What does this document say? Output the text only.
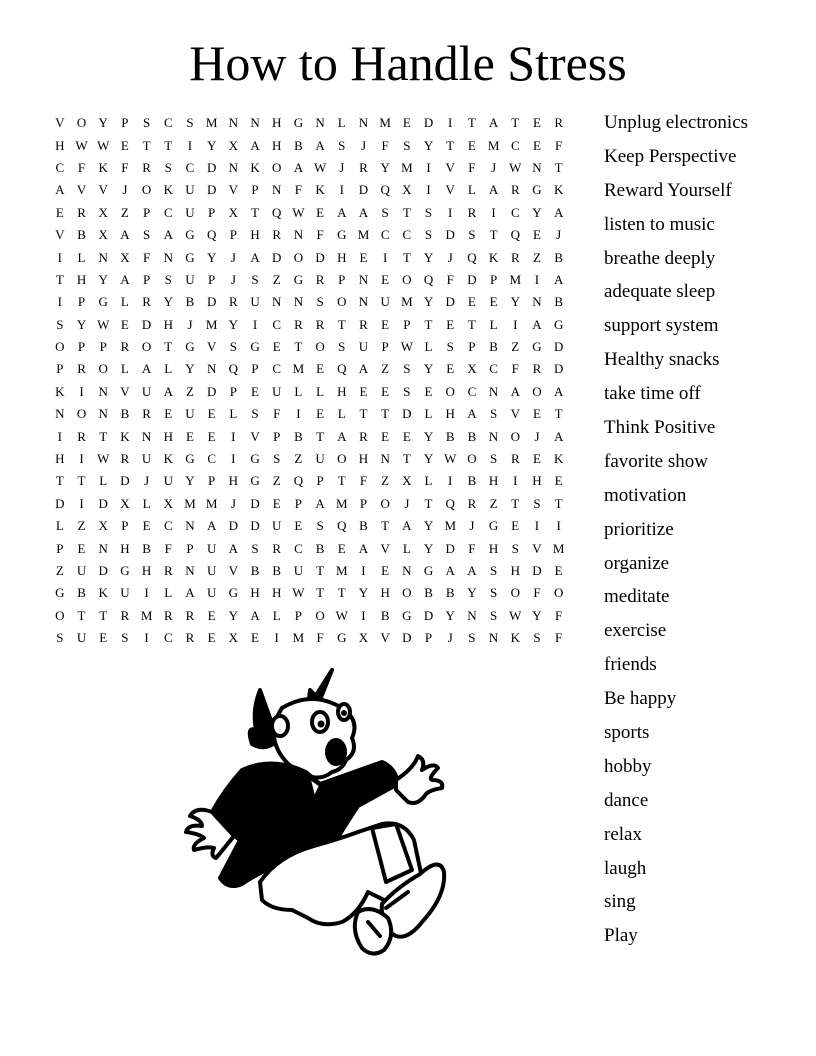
How to Handle Stress
V O Y	P	S	C	S M N N H G N	L	N M E	D	I	T	A	T	E	R
H W W E	T	T	I	Y X A H B A	S	J	F	S	Y	T	E M C	E	F
C	F	K	F	R	S	C D N K O A W	J	R Y M	I	V	F	J	W N	T
A V V	J	O K U D V	P	N	F	K	I	D Q X	I	V	L	A R G K
E	R X	Z	P	C U	P	X	T	Q W E	A A	S	T	S	I	R	I	C Y A
V B X A	S	A G Q	P	H R N	F	G M C	C	S	D	S	T	Q	E	J
I	L	N X	F	N G Y	J	A D O D H	E	I	T	Y	J	Q K R	Z	B
T	H Y A	P	S	U	P	J	S	Z	G R	P	N	E	O Q	F	D	P M	I	A
I	P	G	L	R Y B D R U N N	S	O N U M Y D	E	E	Y N B
S	Y W E	D H	J	M Y	I	C	R	R	T	R	E	P	T	E	T	L	I	A G
O	P	P	R O	T	G V	S	G	E	T	O	S	U	P W L	S	P	B	Z	G D
P	R O	L	A	L	Y N Q	P	C M E	Q A	Z	S	Y	E	X C	F	R D
K	I	N V U A	Z	D	P	E	U	L	L	H	E	E	S	E	O C N A O A
N O N B	R	E	U	E	L	S	F	I	E	L	T	T	D	L	H A	S	V	E	T
I	R	T	K N H	E	E	I	V	P	B	T	A R	E	E	Y B	B N O	J	A
H	I	W R U K G C	I	G	S	Z	U O H N	T	Y W O	S	R	E	K
T	T	L	D	J	U Y	P	H G	Z	Q	P	T	F	Z	X	L	I	B H	I	H	E
D	I	D X	L	X M M	J	D	E	P	A M P	O	J	T	Q R	Z	T	S	T
L	Z	X	P	E	C N A D D U	E	S	Q B	T	A Y M	J	G	E	I	I
P	E	N H B	F	P	U A	S	R	C	B	E	A V	L	Y D	F	H	S	V M
Z	U D G H R N U V B	B U	T M	I	E	N G A A	S	H D	E
G B K U	I	L	A U G H H W T	T	Y H O B	B Y	S	O	F	O
O	T	T	R M R	R	E	Y A	L	P	O W	I	B G D Y N	S W Y	F
S	U	E	S	I	C	R	E	X	E	I	M F	G X V D	P	J	S	N K	S	F
Unplug electronics
Keep Perspective
Reward Yourself
listen to music
breathe deeply
adequate sleep
support system
Healthy snacks
take time off
Think Positive
favorite show
motivation
prioritize
organize
meditate
exercise
friends
Be happy
sports
hobby
dance
relax
laugh
sing
Play
